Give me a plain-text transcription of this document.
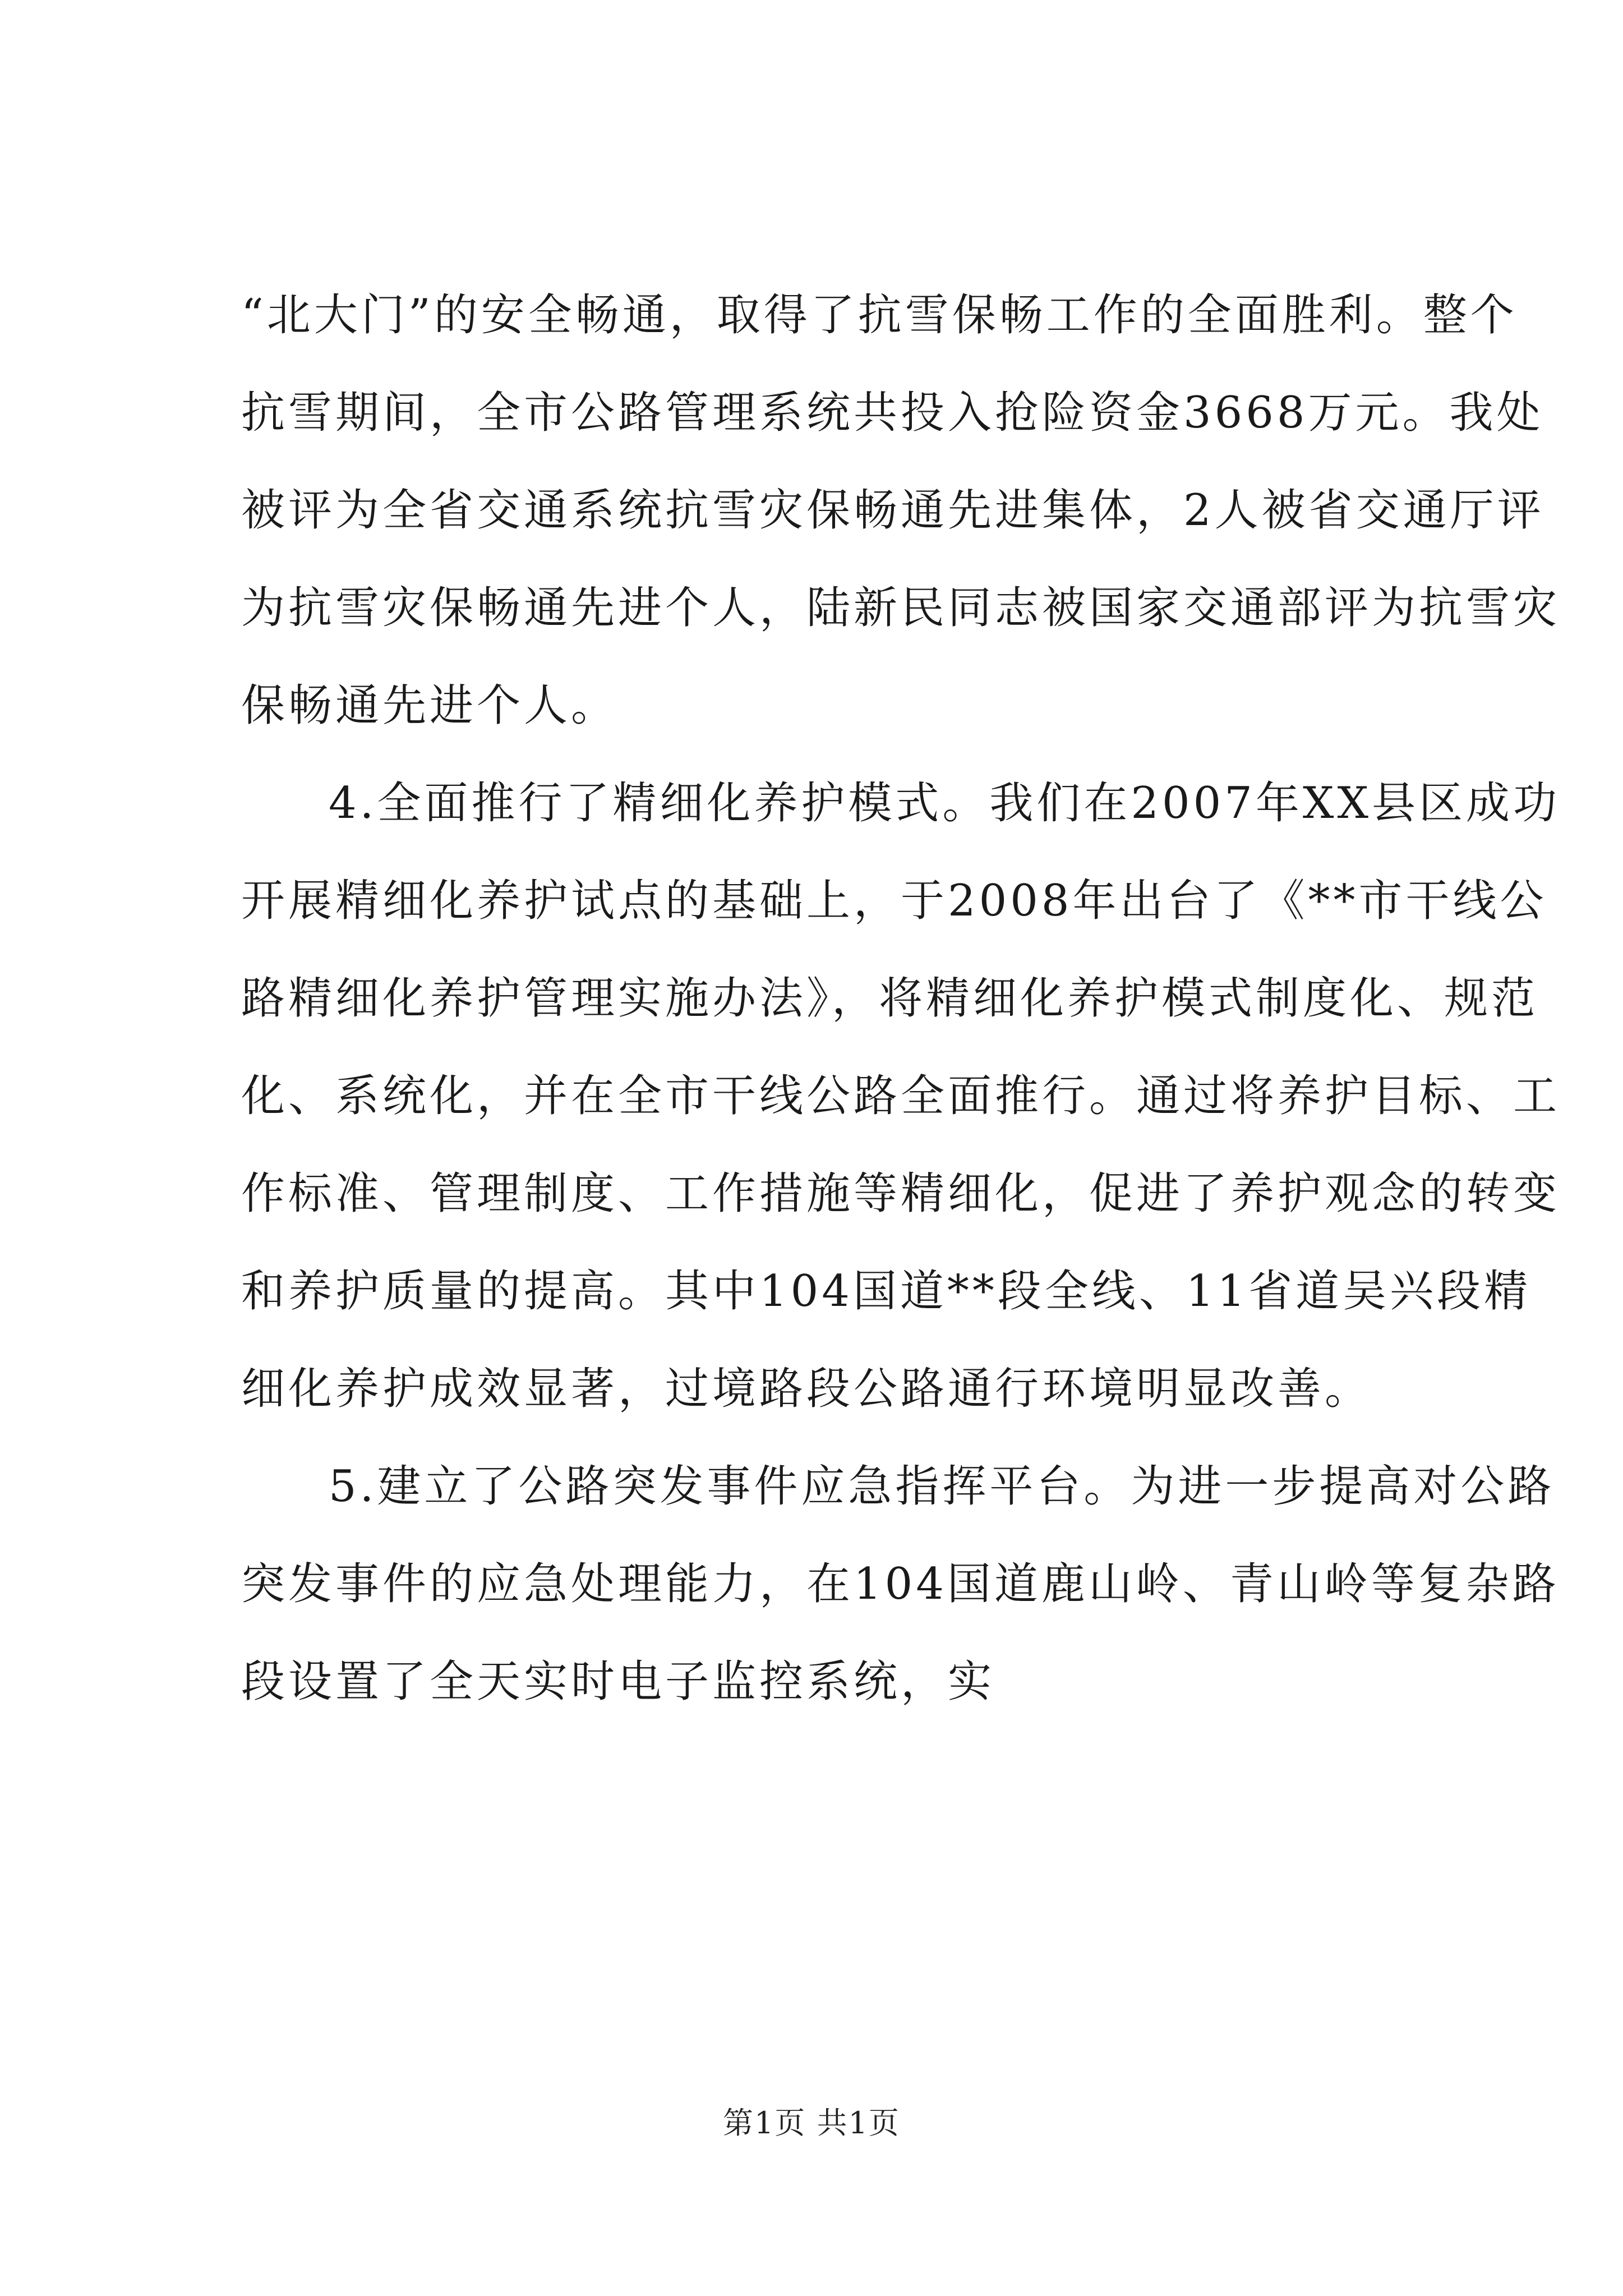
“北大门”的安全畅通，取得了抗雪保畅工作的全面胜利。整个
抗雪期间，全市公路管理系统共投入抢险资金3668万元。我处
被评为全省交通系统抗雪灾保畅通先进集体，2人被省交通厅评
为抗雪灾保畅通先进个人，陆新民同志被国家交通部评为抗雪灾
保畅通先进个人。
4.全面推行了精细化养护模式。我们在2007年XX县区成功
开展精细化养护试点的基础上，于2008年出台了《**市干线公
路精细化养护管理实施办法》，将精细化养护模式制度化、规范
化、系统化，并在全市干线公路全面推行。通过将养护目标、工
作标准、管理制度、工作措施等精细化，促进了养护观念的转变
和养护质量的提高。其中104国道**段全线、11省道吴兴段精
细化养护成效显著，过境路段公路通行环境明显改善。
5.建立了公路突发事件应急指挥平台。为进一步提高对公路
突发事件的应急处理能力，在104国道鹿山岭、青山岭等复杂路
段设置了全天实时电子监控系统，实
第1页 共1页
